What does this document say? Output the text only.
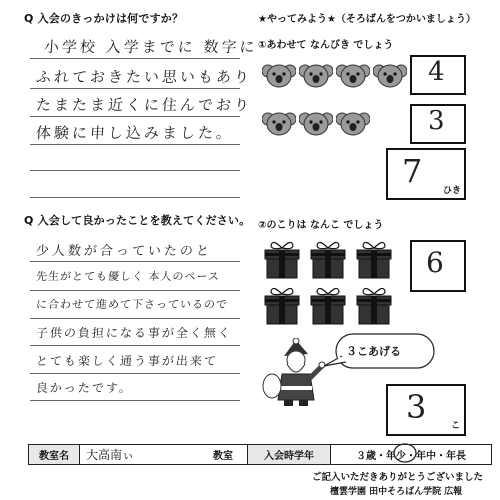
Q 入会のきっかけは何ですか？
小学校 入学までに 数字に
ふれておきたい思いもあり
たまたま近くに住んでおり
体験に申し込みました。
Q 入会して良かったことを教えてください。
少人数が合っていたのと
先生がとても優しく 本人のペース
に合わせて進めて下さっているので
子供の負担になる事が全く無く
とても楽しく通う事が出来て
良かったです。
★やってみよう★（そろばんをつかいましょう）
①あわせて なんびき でしょう
4
3
7
ひき
②のこりは なんこ でしょう
6
３こあげる
3	こ
教室名	大高南ぃ	教室	入会時学年	３歳・年少・年中・年長
ご記入いただきありがとうございました
檀雲学園 田中そろばん学院 広報
